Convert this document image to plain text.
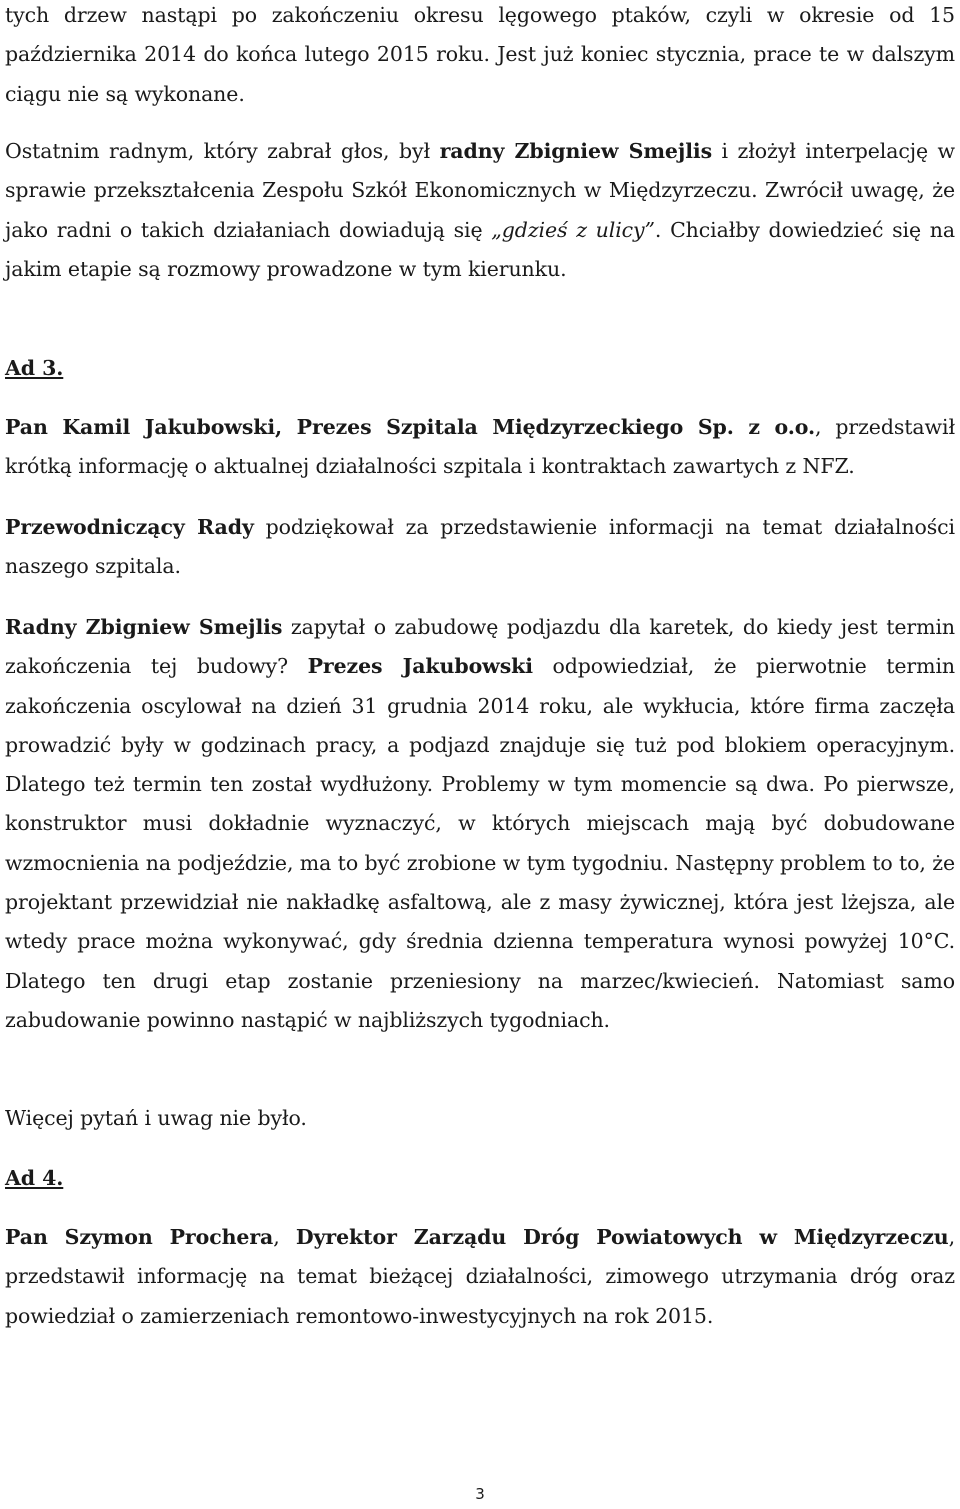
tych drzew nastąpi po zakończeniu okresu lęgowego ptaków, czyli w okresie od 15 października 2014 do końca lutego 2015 roku. Jest już koniec stycznia, prace te w dalszym ciągu nie są wykonane.
Ostatnim radnym, który zabrał głos, był radny Zbigniew Smejlis i złożył interpelację w sprawie przekształcenia Zespołu Szkół Ekonomicznych w Międzyrzeczu. Zwrócił uwagę, że jako radni o takich działaniach dowiadują się „gdzieś z ulicy”. Chciałby dowiedzieć się na jakim etapie są rozmowy prowadzone w tym kierunku.
Ad 3.
Pan Kamil Jakubowski, Prezes Szpitala Międzyrzeckiego Sp. z o.o., przedstawił krótką informację o aktualnej działalności szpitala i kontraktach zawartych z NFZ.
Przewodniczący Rady podziękował za przedstawienie informacji na temat działalności naszego szpitala.
Radny Zbigniew Smejlis zapytał o zabudowę podjazdu dla karetek, do kiedy jest termin zakończenia tej budowy? Prezes Jakubowski odpowiedział, że pierwotnie termin zakończenia oscylował na dzień 31 grudnia 2014 roku, ale wykłucia, które firma zaczęła prowadzić były w godzinach pracy, a podjazd znajduje się tuż pod blokiem operacyjnym. Dlatego też termin ten został wydłużony. Problemy w tym momencie są dwa. Po pierwsze, konstruktor musi dokładnie wyznaczyć, w których miejscach mają być dobudowane wzmocnienia na podjeździe, ma to być zrobione w tym tygodniu. Następny problem to to, że projektant przewidział nie nakładkę asfaltową, ale z masy żywicznej, która jest lżejsza, ale wtedy prace można wykonywać, gdy średnia dzienna temperatura wynosi powyżej 10°C. Dlatego ten drugi etap zostanie przeniesiony na marzec/kwiecień. Natomiast samo zabudowanie powinno nastąpić w najbliższych tygodniach.
Więcej pytań i uwag nie było.
Ad 4.
Pan Szymon Prochera, Dyrektor Zarządu Dróg Powiatowych w Międzyrzeczu, przedstawił informację na temat bieżącej działalności, zimowego utrzymania dróg oraz powiedział o zamierzeniach remontowo-inwestycyjnych na rok 2015.
3
